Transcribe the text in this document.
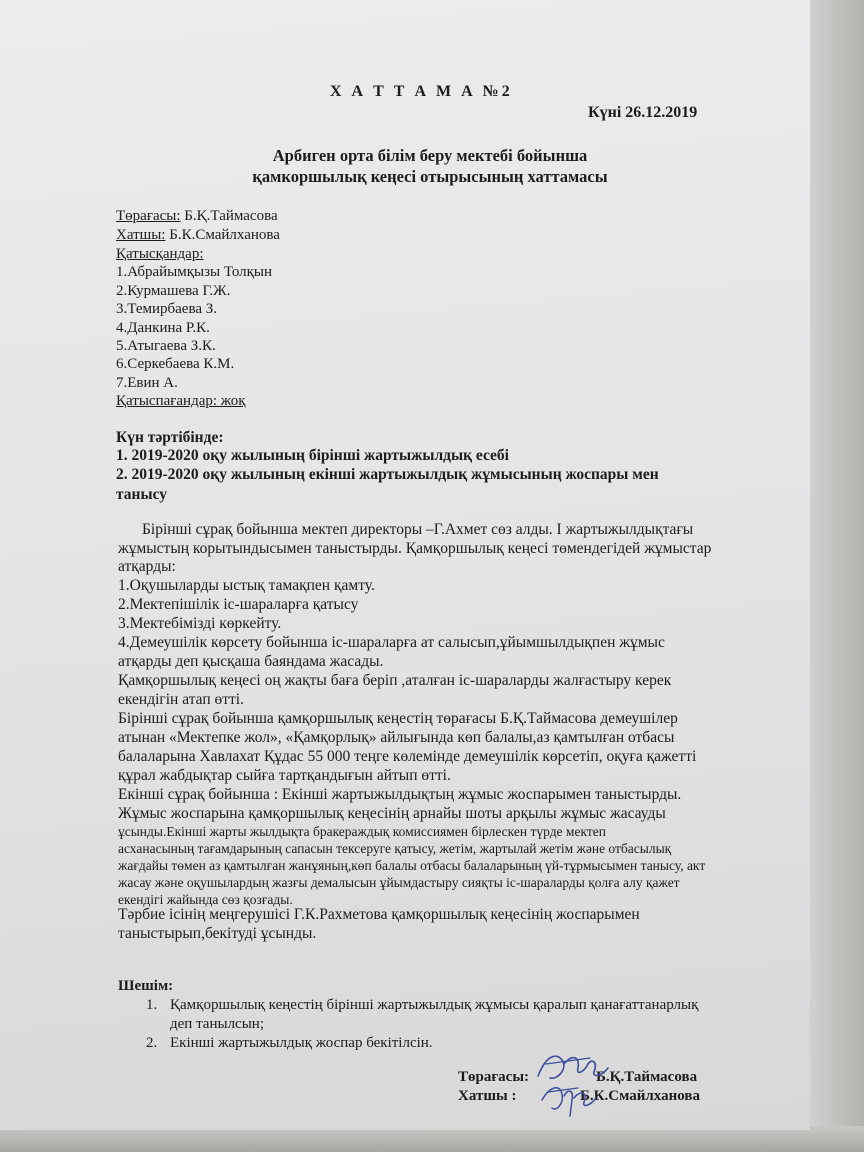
Х А Т Т А М А №2
Күні 26.12.2019
Арбиген орта білім беру мектебі бойынша
қамкоршылық кеңесі отырысының хаттамасы
Төрағасы: Б.Қ.Таймасова
Хатшы: Б.К.Смайлханова
Қатысқандар:
1.Абрайымқызы Толқын
2.Курмашева Г.Ж.
3.Темирбаева З.
4.Данкина Р.К.
5.Атыгаева З.К.
6.Серкебаева К.М.
7.Евин А.
Қатыспағандар: жоқ
Күн тәртібінде:
1. 2019-2020 оқу жылының бірінші жартыжылдық есебі
2. 2019-2020 оқу жылының екінші жартыжылдық жұмысының жоспары мен
танысу
Бірінші сұрақ бойынша мектеп директоры –Г.Ахмет сөз алды. І жартыжылдықтағы
жұмыстың корытындысымен таныстырды. Қамқоршылық кеңесі төмендегідей жұмыстар
атқарды:
1.Оқушыларды ыстық тамақпен қамту.
2.Мектепішілік іс-шараларға қатысу
3.Мектебімізді көркейту.
4.Демеушілік көрсету бойынша іс-шараларға ат салысып,ұйымшылдықпен жұмыс
атқарды деп қысқаша баяндама жасады.
Қамқоршылық кеңесі оң жақты баға беріп ,аталған іс-шараларды жалғастыру керек
екендігін атап өтті.
Бірінші сұрақ бойынша қамқоршылық кеңестің төрағасы Б.Қ.Таймасова демеушілер
атынан «Мектепке жол», «Қамқорлық» айлығында көп балалы,аз қамтылған отбасы
балаларына Хавлахат Құдас 55 000 теңге көлемінде демеушілік көрсетіп, оқуға қажетті
құрал жабдықтар сыйға тартқандығын айтып өтті.
Екінші сұрақ бойынша : Екінші жартыжылдықтың жұмыс жоспарымен таныстырды.
Жұмыс жоспарына қамқоршылық кеңесінің арнайы шоты арқылы жұмыс жасауды
ұсынды.Екінші жарты жылдықта бракераждық комиссиямен бірлескен түрде мектеп
асханасының тағамдарының сапасын тексеруге қатысу, жетім, жартылай жетім және отбасылық
жағдайы төмен аз қамтылған жанұяның,көп балалы отбасы балаларының үй-тұрмысымен танысу, акт
жасау және оқушылардың жазғы демалысын ұйымдастыру сияқты іс-шараларды қолға алу қажет
екендігі жайында сөз қозғады.
Тәрбие ісінің меңгерушісі Г.К.Рахметова қамқоршылық кеңесінің жоспарымен
таныстырып,бекітуді ұсынды.
Шешім:
1. Қамқоршылық кеңестің бірінші жартыжылдық жұмысы қаралып қанағаттанарлық
деп танылсын;
2. Екінші жартыжылдық жоспар бекітілсін.
Төрағасы:	Б.Қ.Таймасова
Хатшы :	Б.К.Смайлханова
